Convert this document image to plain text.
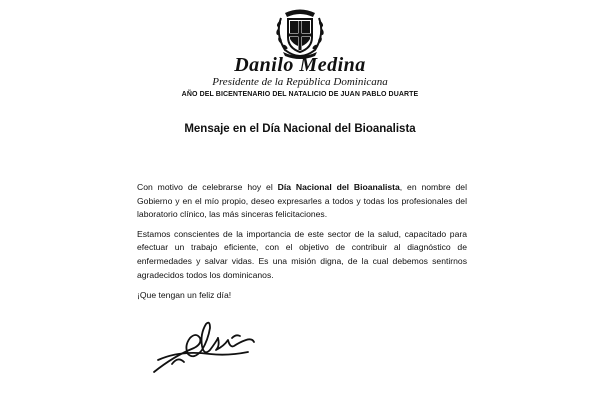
Danilo Medina
Presidente de la República Dominicana
AÑO DEL BICENTENARIO DEL NATALICIO DE JUAN PABLO DUARTE
Mensaje en el Día Nacional del Bioanalista

Con motivo de celebrarse hoy el Día Nacional del Bioanalista, en nombre del Gobierno y en el mío propio, deseo expresarles a todos y todas los profesionales del laboratorio clínico, las más sinceras felicitaciones.

Estamos conscientes de la importancia de este sector de la salud, capacitado para efectuar un trabajo eficiente, con el objetivo de contribuir al diagnóstico de enfermedades y salvar vidas. Es una misión digna, de la cual debemos sentirnos agradecidos todos los dominicanos.

¡Que tengan un feliz día!
